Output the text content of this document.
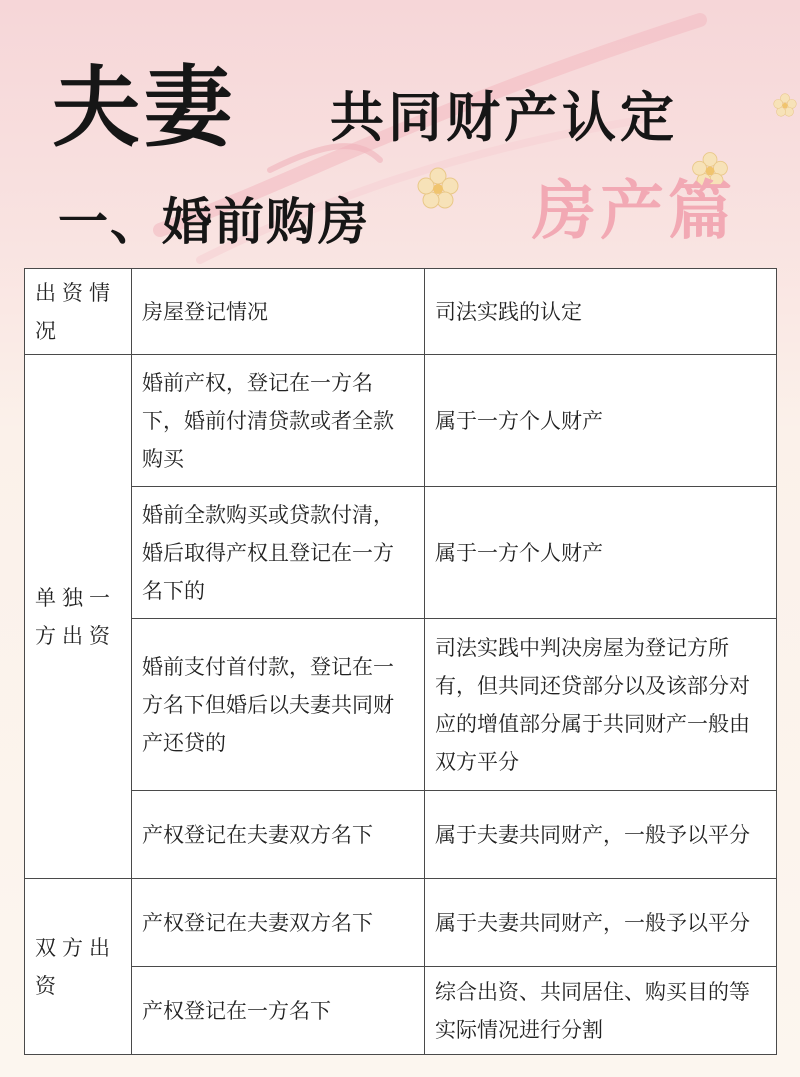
夫妻 共同财产认定
房产篇
一、婚前购房
出资情况	房屋登记情况	司法实践的认定
单独一方出资	婚前产权，登记在一方名下，婚前付清贷款或者全款购买	属于一方个人财产
	婚前全款购买或贷款付清，婚后取得产权且登记在一方名下的	属于一方个人财产
	婚前支付首付款，登记在一方名下但婚后以夫妻共同财产还贷的	司法实践中判决房屋为登记方所有，但共同还贷部分以及该部分对应的增值部分属于共同财产一般由双方平分
	产权登记在夫妻双方名下	属于夫妻共同财产，一般予以平分
双方出资	产权登记在夫妻双方名下	属于夫妻共同财产，一般予以平分
	产权登记在一方名下	综合出资、共同居住、购买目的等实际情况进行分割
